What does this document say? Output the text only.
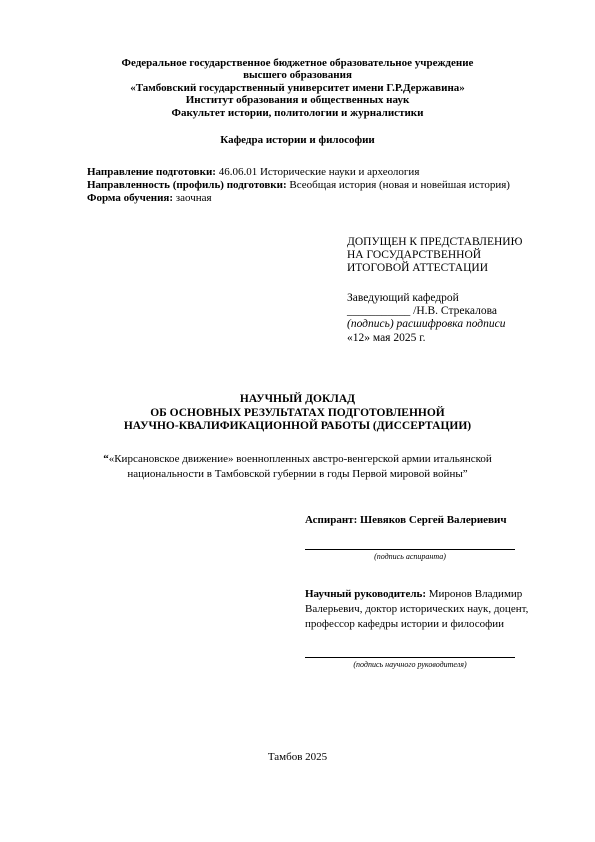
Федеральное государственное бюджетное образовательное учреждение
высшего образования
«Тамбовский государственный университет имени Г.Р.Державина»
Институт образования и общественных наук
Факультет истории, политологии и журналистики
Кафедра истории и философии
Направление подготовки: 46.06.01 Исторические науки и археология
Направленность (профиль) подготовки: Всеобщая история (новая и новейшая история)
Форма обучения: заочная
ДОПУЩЕН К ПРЕДСТАВЛЕНИЮ
НА ГОСУДАРСТВЕННОЙ
ИТОГОВОЙ АТТЕСТАЦИИ
Заведующий кафедрой
___________ /Н.В. Стрекалова
(подпись) расшифровка подписи
«12» мая 2025 г.
НАУЧНЫЙ ДОКЛАД
ОБ ОСНОВНЫХ РЕЗУЛЬТАТАХ ПОДГОТОВЛЕННОЙ
НАУЧНО-КВАЛИФИКАЦИОННОЙ РАБОТЫ (ДИССЕРТАЦИИ)
“«Кирсановское движение» военнопленных австро-венгерской армии итальянской
национальности в Тамбовской губернии в годы Первой мировой войны”
Аспирант: Шевяков Сергей Валериевич
(подпись аспиранта)
Научный руководитель: Миронов Владимир
Валерьевич, доктор исторических наук, доцент,
профессор кафедры истории и философии
(подпись научного руководителя)
Тамбов 2025
